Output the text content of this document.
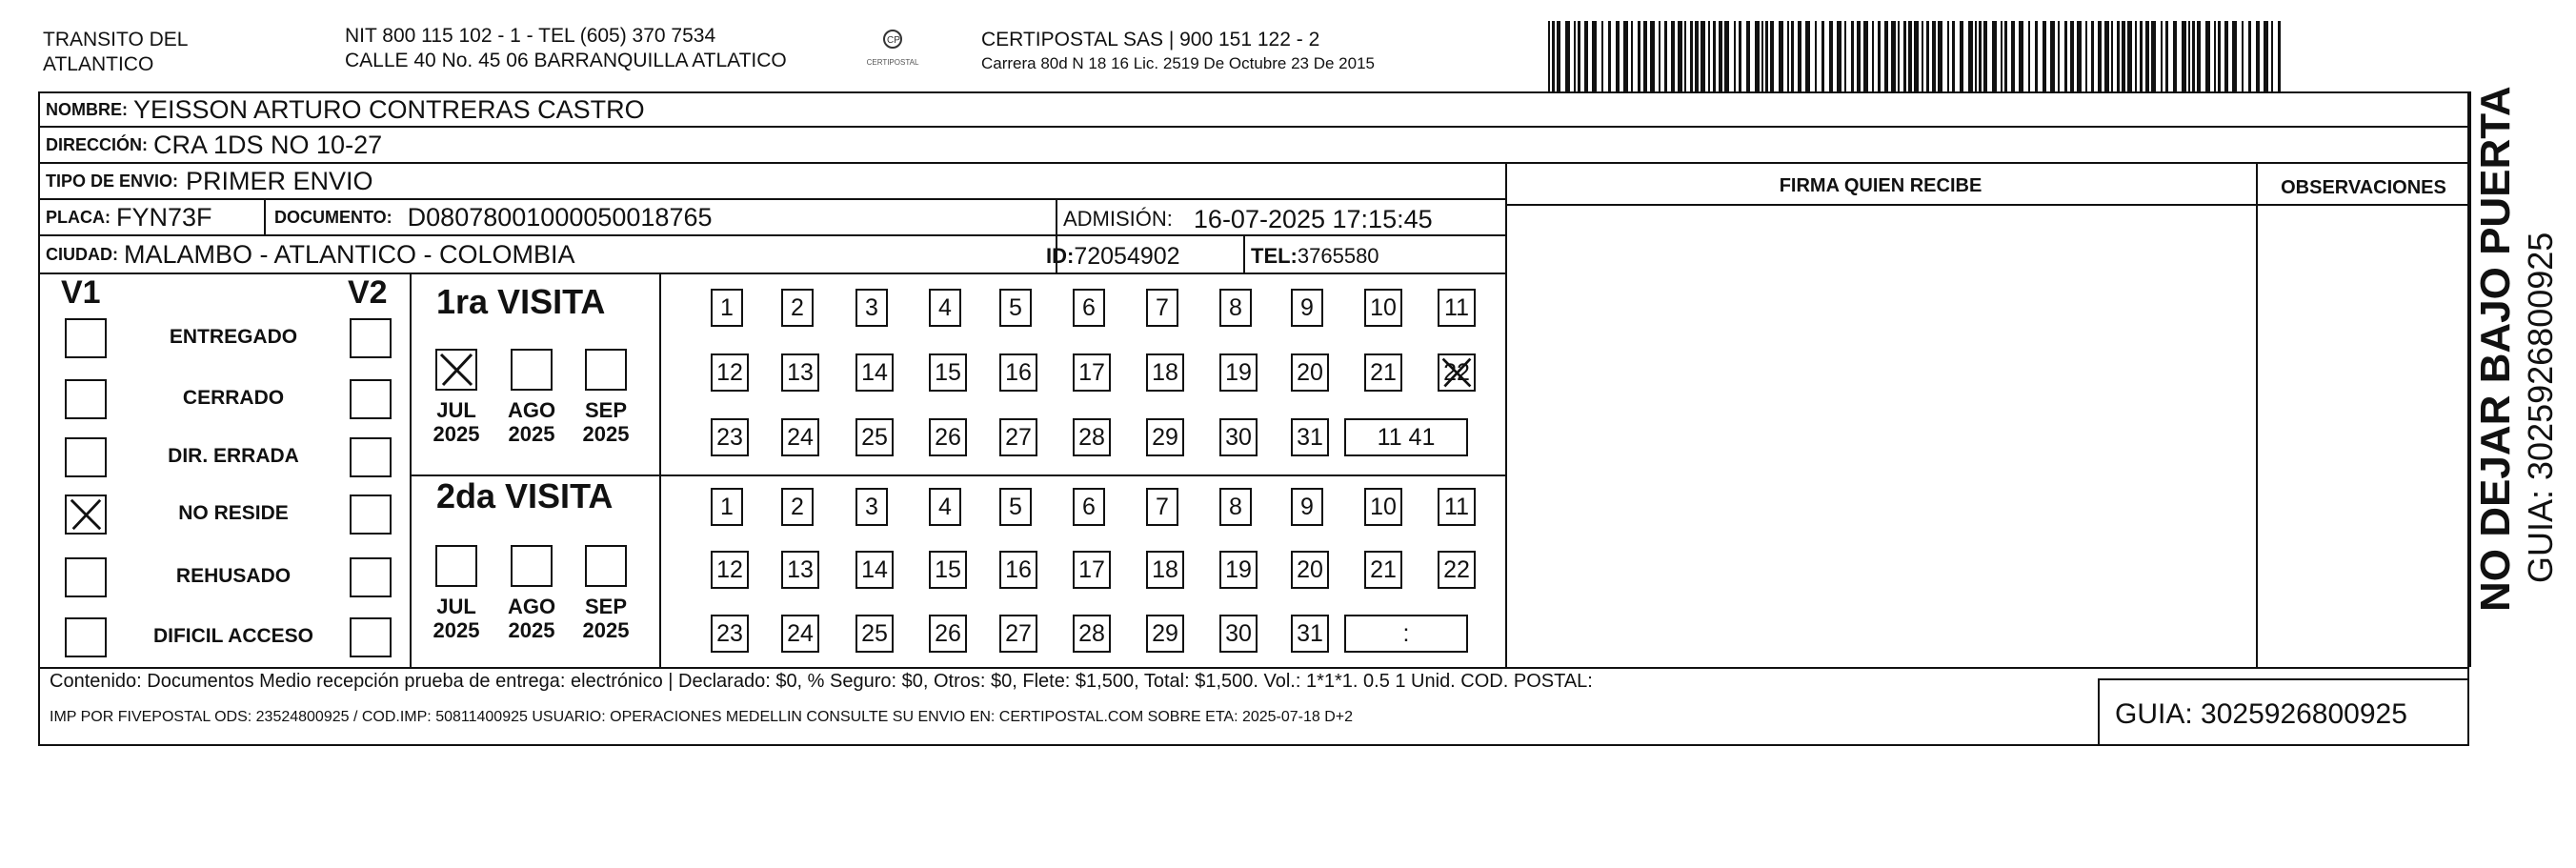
TRANSITO DEL
ATLANTICO
NIT 800 115 102 - 1 - TEL (605) 370 7534
CALLE 40 No. 45 06 BARRANQUILLA ATLATICO
CP
CERTIPOSTAL
CERTIPOSTAL SAS | 900 151 122 - 2
Carrera 80d N 18 16 Lic. 2519 De Octubre 23 De 2015
NOMBRE: YEISSON ARTURO CONTRERAS CASTRO
DIRECCIÓN: CRA 1DS NO 10-27
TIPO DE ENVIO: PRIMER ENVIO
PLACA: FYN73F	DOCUMENTO: D08078001000050018765	ADMISIÓN: 16-07-2025 17:15:45
CIUDAD: MALAMBO - ATLANTICO - COLOMBIA	ID: 72054902	TEL: 3765580
FIRMA QUIEN RECIBE	OBSERVACIONES
V1	V2
ENTREGADO
CERRADO
DIR. ERRADA
NO RESIDE
REHUSADO
DIFICIL ACCESO
1ra VISITA
2da VISITA
1	2	3	4	5	6	7	8	9	10 11
12 13 14 15 16 17 18 19 20 21 22
23 24 25 26 27 28 29 30 31	11 41
1	2	3	4	5	6	7	8	9	10 11
12 13 14 15 16 17 18 19 20 21 22
23 24 25 26 27 28 29 30 31	:
JUL
2025
AGO
2025
SEP
2025
JUL
2025
AGO
2025
SEP
2025
Contenido: Documentos Medio recepción prueba de entrega: electrónico | Declarado: $0, % Seguro: $0, Otros: $0, Flete: $1,500, Total: $1,500. Vol.: 1*1*1. 0.5 1 Unid. COD. POSTAL:
IMP POR FIVEPOSTAL ODS: 23524800925 / COD.IMP: 50811400925 USUARIO: OPERACIONES MEDELLIN CONSULTE SU ENVIO EN: CERTIPOSTAL.COM SOBRE ETA: 2025-07-18 D+2	GUIA: 3025926800925
NO DEJAR BAJO PUERTA GUIA: 3025926800925
